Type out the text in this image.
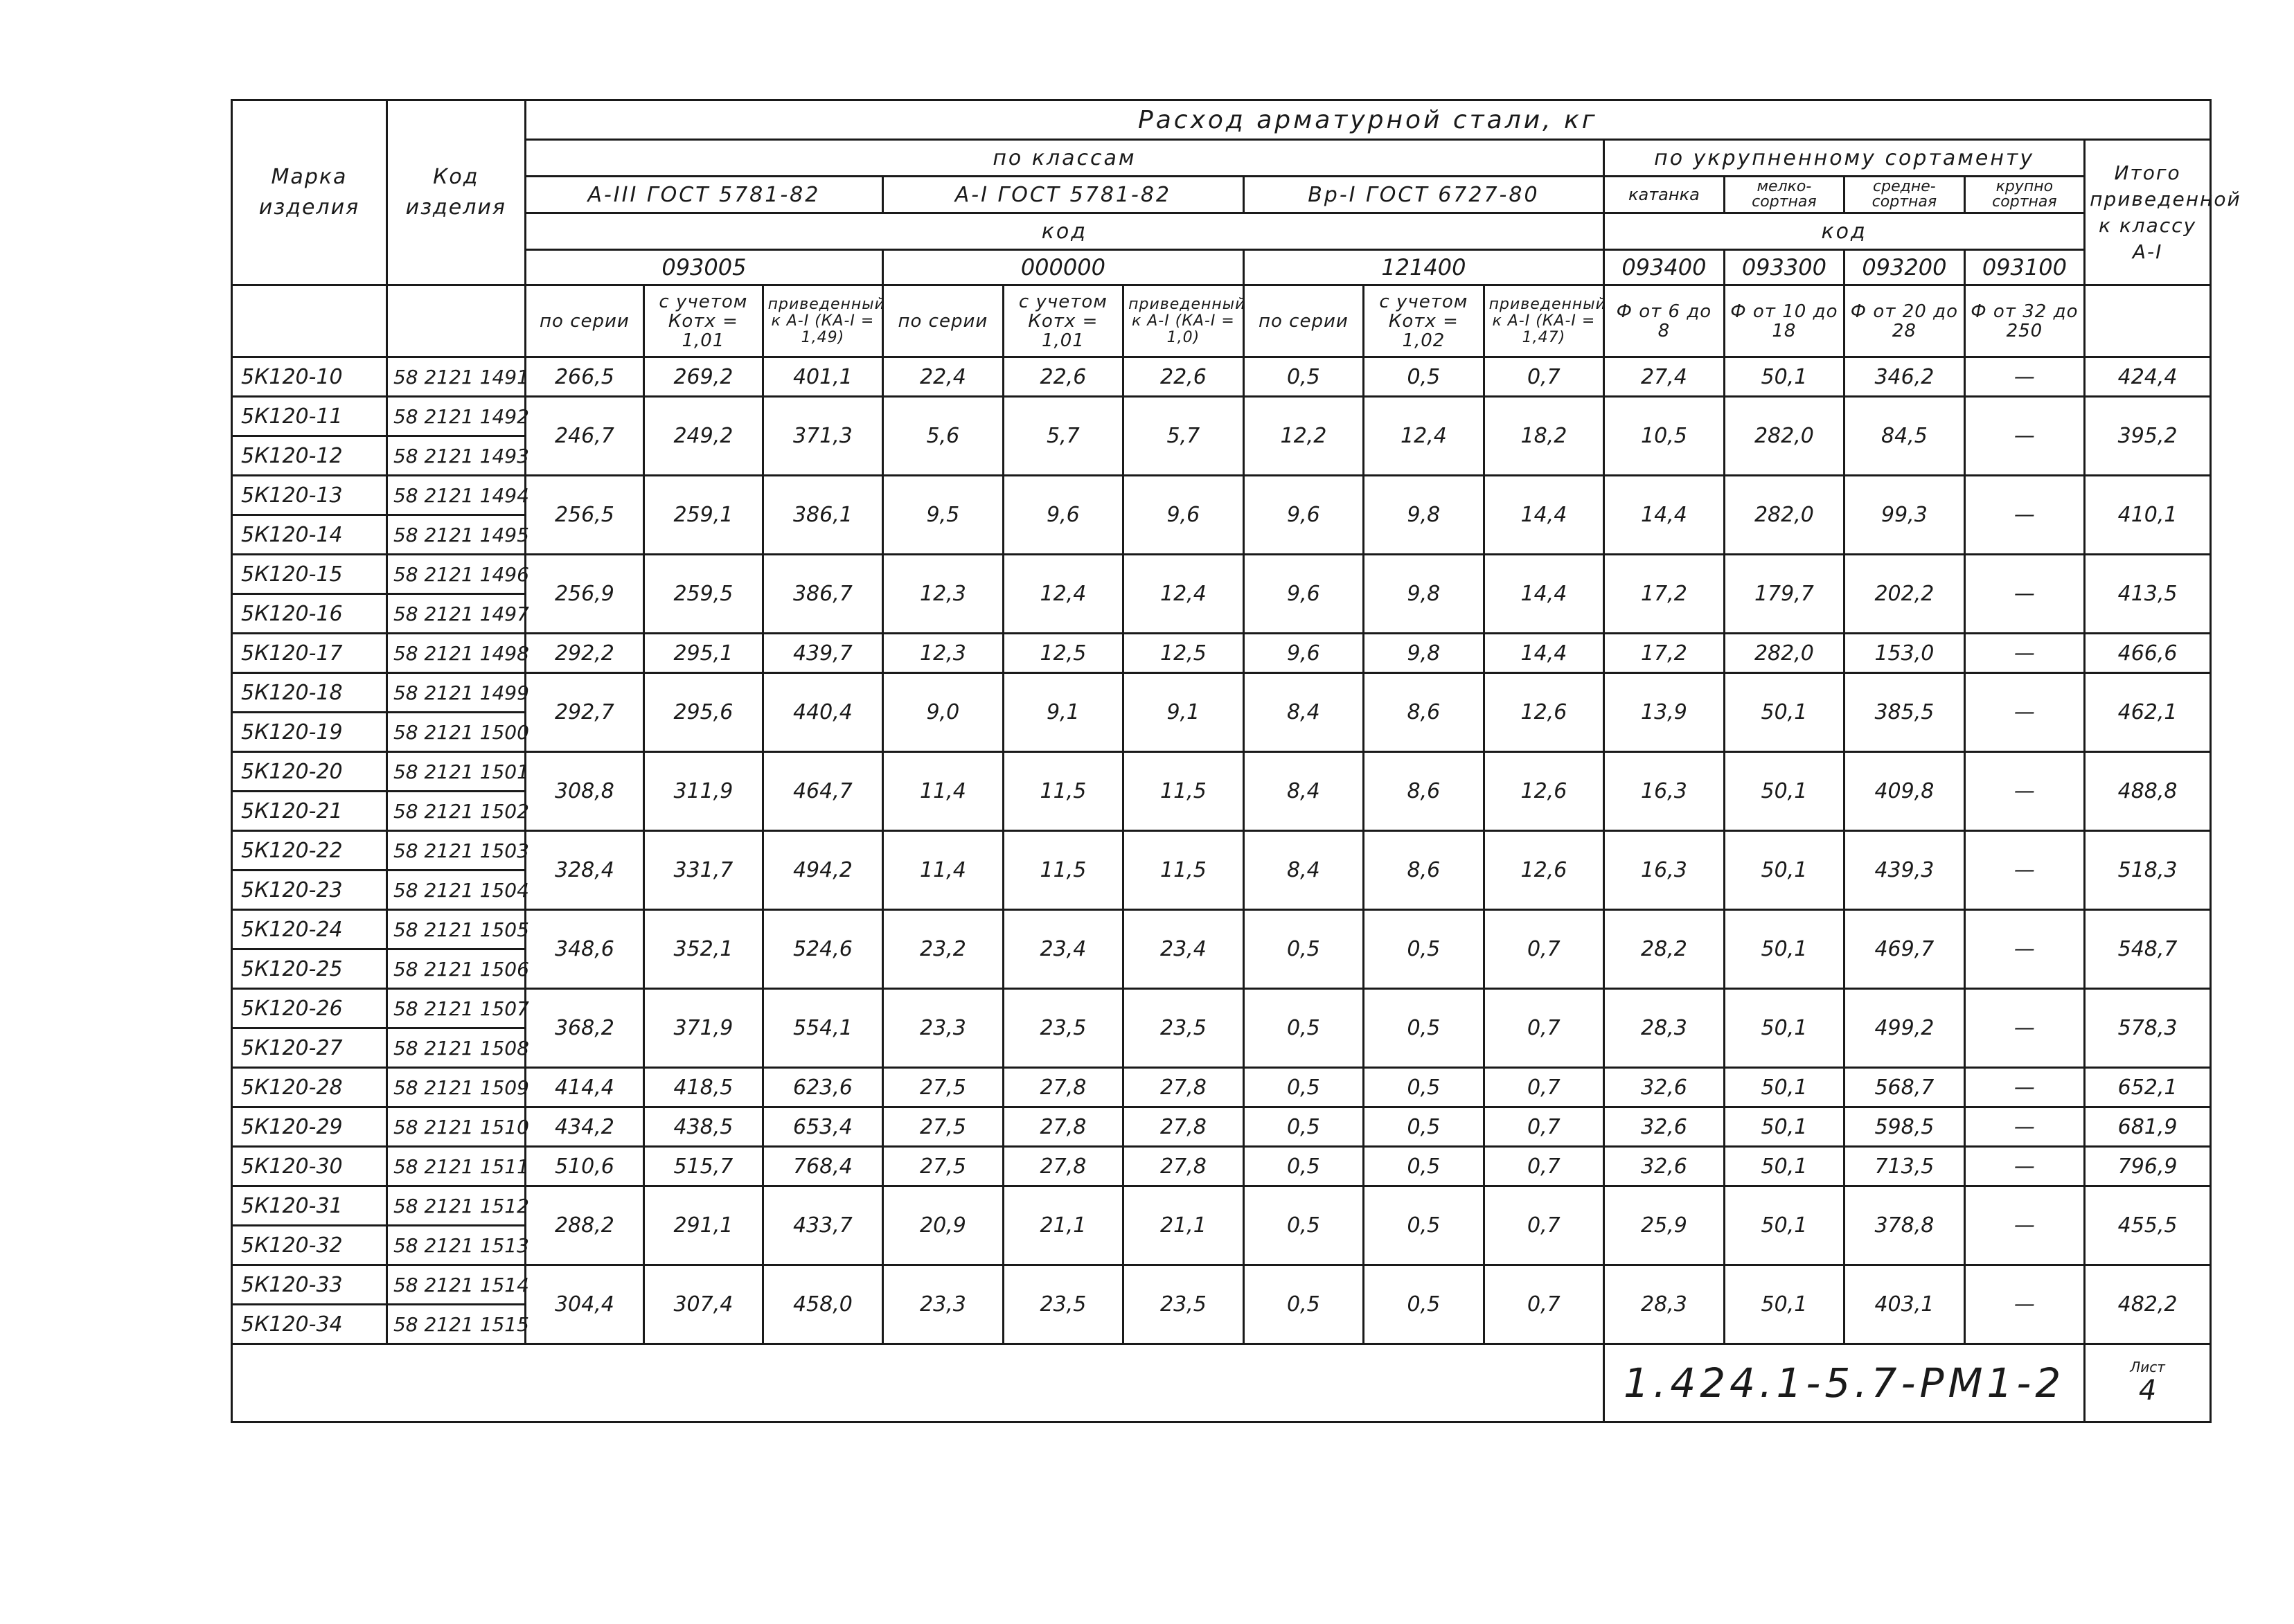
Марка изделия	Код изделия	Расход арматурной стали, кг													
		по классам									по укрупненному сортаменту				Итого приведенной к классу А-I
		А-III ГОСТ 5781-82			А-I ГОСТ 5781-82			Вр-I ГОСТ 6727-80			катанка	мелко-сортная	средне-сортная	крупно сортная	
		код									код				
		093005			000000			121400			093400	093300	093200	093100	
		по серии	с учетом Котх = 1,01	приведенный к А-I (КА-I = 1,49)	по серии	с учетом Котх = 1,01	приведенный к А-I (КА-I = 1,0)	по серии	с учетом Котх = 1,02	приведенный к А-I (КА-I = 1,47)	Ф от 6 до 8	Ф от 10 до 18	Ф от 20 до 28	Ф от 32 до 250	
5К120-10	58 2121 1491	266,5	269,2	401,1	22,4	22,6	22,6	0,5	0,5	0,7	27,4	50,1	346,2	—	424,4
5К120-11	58 2121 1492	246,7	249,2	371,3	5,6	5,7	5,7	12,2	12,4	18,2	10,5	282,0	84,5	—	395,2
5К120-12	58 2121 1493														
5К120-13	58 2121 1494	256,5	259,1	386,1	9,5	9,6	9,6	9,6	9,8	14,4	14,4	282,0	99,3	—	410,1
5К120-14	58 2121 1495														
5К120-15	58 2121 1496	256,9	259,5	386,7	12,3	12,4	12,4	9,6	9,8	14,4	17,2	179,7	202,2	—	413,5
5К120-16	58 2121 1497														
5К120-17	58 2121 1498	292,2	295,1	439,7	12,3	12,5	12,5	9,6	9,8	14,4	17,2	282,0	153,0	—	466,6
5К120-18	58 2121 1499	292,7	295,6	440,4	9,0	9,1	9,1	8,4	8,6	12,6	13,9	50,1	385,5	—	462,1
5К120-19	58 2121 1500														
5К120-20	58 2121 1501	308,8	311,9	464,7	11,4	11,5	11,5	8,4	8,6	12,6	16,3	50,1	409,8	—	488,8
5К120-21	58 2121 1502														
5К120-22	58 2121 1503	328,4	331,7	494,2	11,4	11,5	11,5	8,4	8,6	12,6	16,3	50,1	439,3	—	518,3
5К120-23	58 2121 1504														
5К120-24	58 2121 1505	348,6	352,1	524,6	23,2	23,4	23,4	0,5	0,5	0,7	28,2	50,1	469,7	—	548,7
5К120-25	58 2121 1506														
5К120-26	58 2121 1507	368,2	371,9	554,1	23,3	23,5	23,5	0,5	0,5	0,7	28,3	50,1	499,2	—	578,3
5К120-27	58 2121 1508														
5К120-28	58 2121 1509	414,4	418,5	623,6	27,5	27,8	27,8	0,5	0,5	0,7	32,6	50,1	568,7	—	652,1
5К120-29	58 2121 1510	434,2	438,5	653,4	27,5	27,8	27,8	0,5	0,5	0,7	32,6	50,1	598,5	—	681,9
5К120-30	58 2121 1511	510,6	515,7	768,4	27,5	27,8	27,8	0,5	0,5	0,7	32,6	50,1	713,5	—	796,9
5К120-31	58 2121 1512	288,2	291,1	433,7	20,9	21,1	21,1	0,5	0,5	0,7	25,9	50,1	378,8	—	455,5
5К120-32	58 2121 1513														
5К120-33	58 2121 1514	304,4	307,4	458,0	23,3	23,5	23,5	0,5	0,5	0,7	28,3	50,1	403,1	—	482,2
5К120-34	58 2121 1515														
											1.424.1-5.7-РМ1-2				Лист
4
